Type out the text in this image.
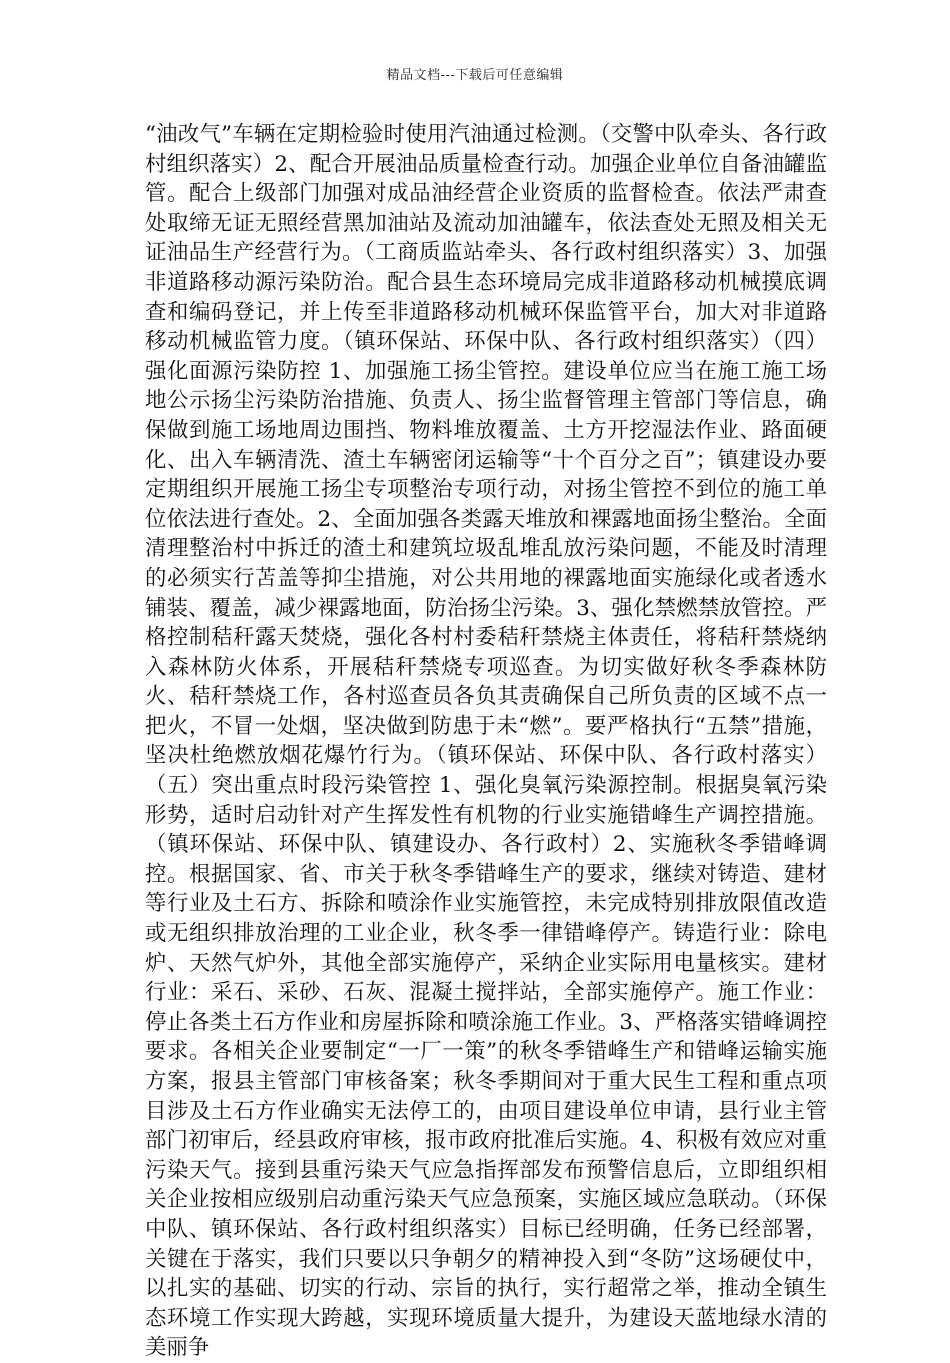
精品文档---下载后可任意编辑

“油改气”车辆在定期检验时使用汽油通过检测。（交警中队牵头、各行政村组织落实）2、配合开展油品质量检查行动。加强企业单位自备油罐监管。配合上级部门加强对成品油经营企业资质的监督检查。依法严肃查处取缔无证无照经营黑加油站及流动加油罐车，依法查处无照及相关无证油品生产经营行为。（工商质监站牵头、各行政村组织落实）3、加强非道路移动源污染防治。配合县生态环境局完成非道路移动机械摸底调查和编码登记，并上传至非道路移动机械环保监管平台，加大对非道路移动机械监管力度。（镇环保站、环保中队、各行政村组织落实）（四）强化面源污染防控 1、加强施工扬尘管控。建设单位应当在施工施工场地公示扬尘污染防治措施、负责人、扬尘监督管理主管部门等信息，确保做到施工场地周边围挡、物料堆放覆盖、土方开挖湿法作业、路面硬化、出入车辆清洗、渣土车辆密闭运输等“十个百分之百”；镇建设办要定期组织开展施工扬尘专项整治专项行动，对扬尘管控不到位的施工单位依法进行查处。2、全面加强各类露天堆放和裸露地面扬尘整治。全面清理整治村中拆迁的渣土和建筑垃圾乱堆乱放污染问题，不能及时清理的必须实行苫盖等抑尘措施，对公共用地的裸露地面实施绿化或者透水铺装、覆盖，减少裸露地面，防治扬尘污染。3、强化禁燃禁放管控。严格控制秸秆露天焚烧，强化各村村委秸秆禁烧主体责任，将秸秆禁烧纳入森林防火体系，开展秸秆禁烧专项巡查。为切实做好秋冬季森林防火、秸秆禁烧工作，各村巡查员各负其责确保自己所负责的区域不点一把火，不冒一处烟，坚决做到防患于未“燃”。要严格执行“五禁”措施，坚决杜绝燃放烟花爆竹行为。（镇环保站、环保中队、各行政村落实）（五）突出重点时段污染管控 1、强化臭氧污染源控制。根据臭氧污染形势，适时启动针对产生挥发性有机物的行业实施错峰生产调控措施。（镇环保站、环保中队、镇建设办、各行政村）2、实施秋冬季错峰调控。根据国家、省、市关于秋冬季错峰生产的要求，继续对铸造、建材等行业及土石方、拆除和喷涂作业实施管控，未完成特别排放限值改造或无组织排放治理的工业企业，秋冬季一律错峰停产。铸造行业：除电炉、天然气炉外，其他全部实施停产，采纳企业实际用电量核实。建材行业：采石、采砂、石灰、混凝土搅拌站，全部实施停产。施工作业：停止各类土石方作业和房屋拆除和喷涂施工作业。3、严格落实错峰调控要求。各相关企业要制定“一厂一策”的秋冬季错峰生产和错峰运输实施方案，报县主管部门审核备案；秋冬季期间对于重大民生工程和重点项目涉及土石方作业确实无法停工的，由项目建设单位申请，县行业主管部门初审后，经县政府审核，报市政府批准后实施。4、积极有效应对重污染天气。接到县重污染天气应急指挥部发布预警信息后，立即组织相关企业按相应级别启动重污染天气应急预案，实施区域应急联动。（环保中队、镇环保站、各行政村组织落实）目标已经明确，任务已经部署，关键在于落实，我们只要以只争朝夕的精神投入到“冬防”这场硬仗中，以扎实的基础、切实的行动、宗旨的执行，实行超常之举，推动全镇生态环境工作实现大跨越，实现环境质量大提升，为建设天蓝地绿水清的美丽争
